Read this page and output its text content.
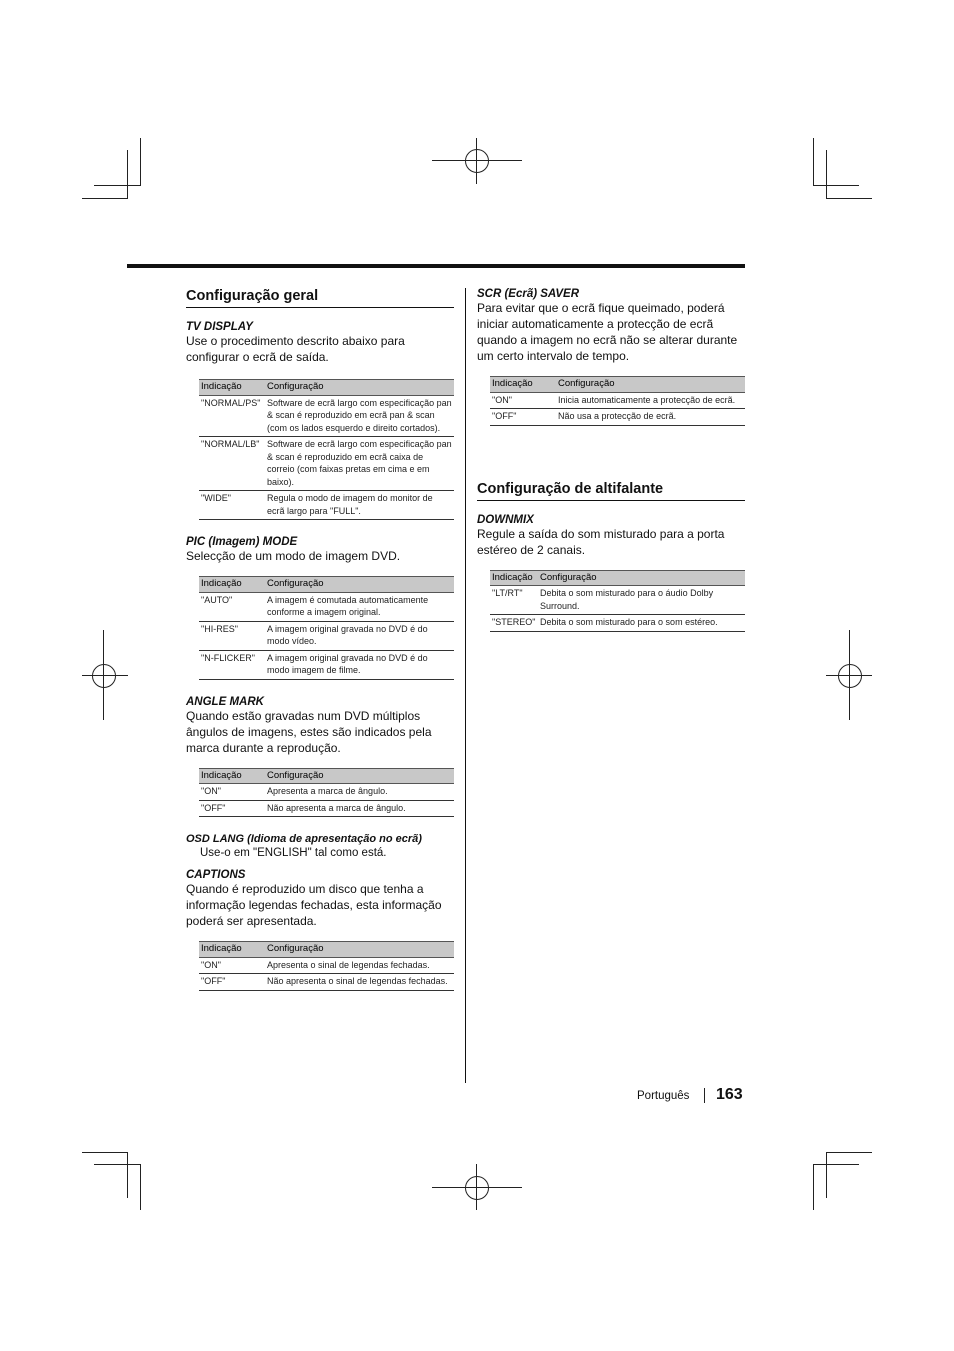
Configuração geral

TV DISPLAY

Use o procedimento descrito abaixo para configurar o ecrã de saída.

Indicação	Configuração
"NORMAL/PS"	Software de ecrã largo com especificação pan & scan é reproduzido em ecrã pan & scan (com os lados esquerdo e direito cortados).
"NORMAL/LB"	Software de ecrã largo com especificação pan & scan é reproduzido em ecrã caixa de correio (com faixas pretas em cima e em baixo).
"WIDE"	Regula o modo de imagem do monitor de ecrã largo para "FULL".

PIC (Imagem) MODE

Selecção de um modo de imagem DVD.

Indicação	Configuração
"AUTO"	A imagem é comutada automaticamente conforme a imagem original.
"HI-RES"	A imagem original gravada no DVD é do modo vídeo.
"N-FLICKER"	A imagem original gravada no DVD é do modo imagem de filme.

ANGLE MARK

Quando estão gravadas num DVD múltiplos ângulos de imagens, estes são indicados pela marca durante a reprodução.

Indicação	Configuração
"ON"	Apresenta a marca de ângulo.
"OFF"	Não apresenta a marca de ângulo.

OSD LANG (Idioma de apresentação no ecrã)

Use-o em "ENGLISH" tal como está.

CAPTIONS

Quando é reproduzido um disco que tenha a informação legendas fechadas, esta informação poderá ser apresentada.

Indicação	Configuração
"ON"	Apresenta o sinal de legendas fechadas.
"OFF"	Não apresenta o sinal de legendas fechadas.

SCR (Ecrã) SAVER

Para evitar que o ecrã fique queimado, poderá iniciar automaticamente a protecção de ecrã quando a imagem no ecrã não se alterar durante um certo intervalo de tempo.

Indicação	Configuração
"ON"	Inicia automaticamente a protecção de ecrã.
"OFF"	Não usa a protecção de ecrã.
Configuração de altifalante

DOWNMIX

Regule a saída do som misturado para a porta estéreo de 2 canais.

Indicação	Configuração
"LT/RT"	Debita o som misturado para o áudio Dolby Surround.
"STEREO"	Debita o som misturado para o som estéreo.
Português 163
